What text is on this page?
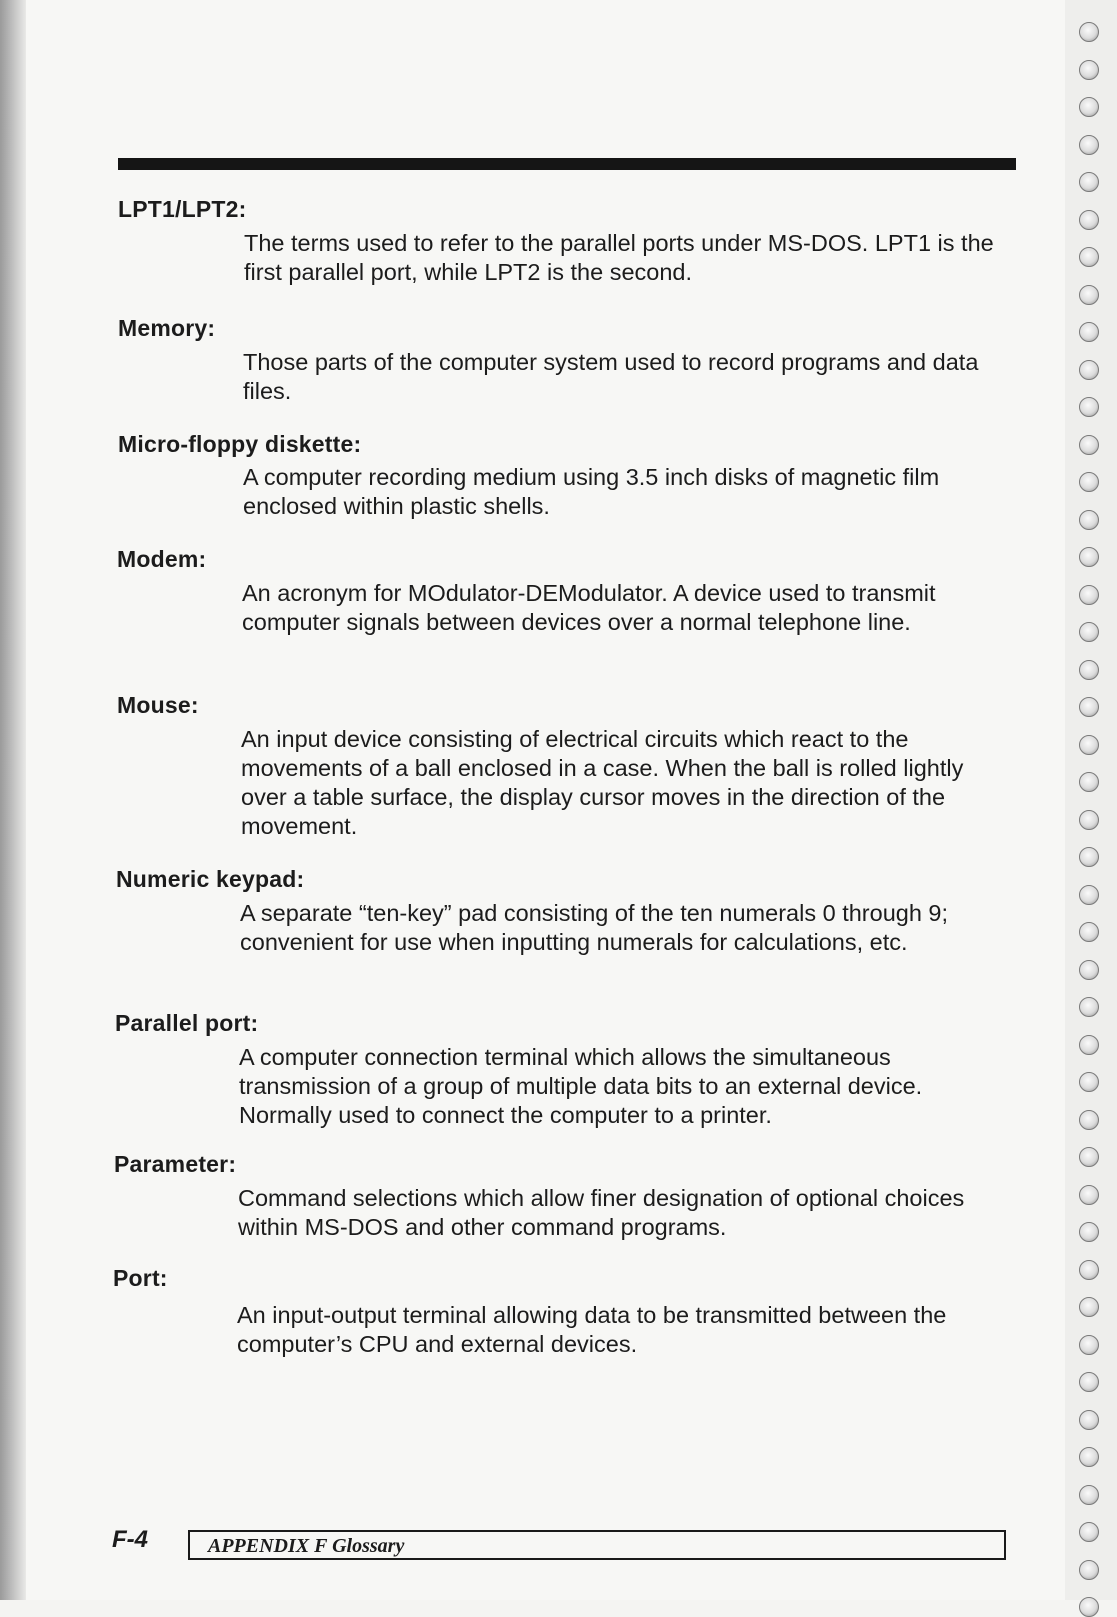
LPT1/LPT2:
The terms used to refer to the parallel ports under MS-DOS. LPT1 is the first parallel port, while LPT2 is the second.
Memory:
Those parts of the computer system used to record programs and data files.
Micro-floppy diskette:
A computer recording medium using 3.5 inch disks of magnetic film enclosed within plastic shells.
Modem:
An acronym for MOdulator-DEModulator. A device used to transmit computer signals between devices over a normal telephone line.
Mouse:
An input device consisting of electrical circuits which react to the movements of a ball enclosed in a case. When the ball is rolled lightly over a table surface, the display cursor moves in the direction of the movement.
Numeric keypad:
A separate “ten-key” pad consisting of the ten numerals 0 through 9; convenient for use when inputting numerals for calculations, etc.
Parallel port:
A computer connection terminal which allows the simultaneous transmission of a group of multiple data bits to an external device. Normally used to connect the computer to a printer.
Parameter:
Command selections which allow finer designation of optional choices within MS-DOS and other command programs.
Port:
An input-output terminal allowing data to be transmitted between the computer’s CPU and external devices.
F-4	APPENDIX F Glossary
